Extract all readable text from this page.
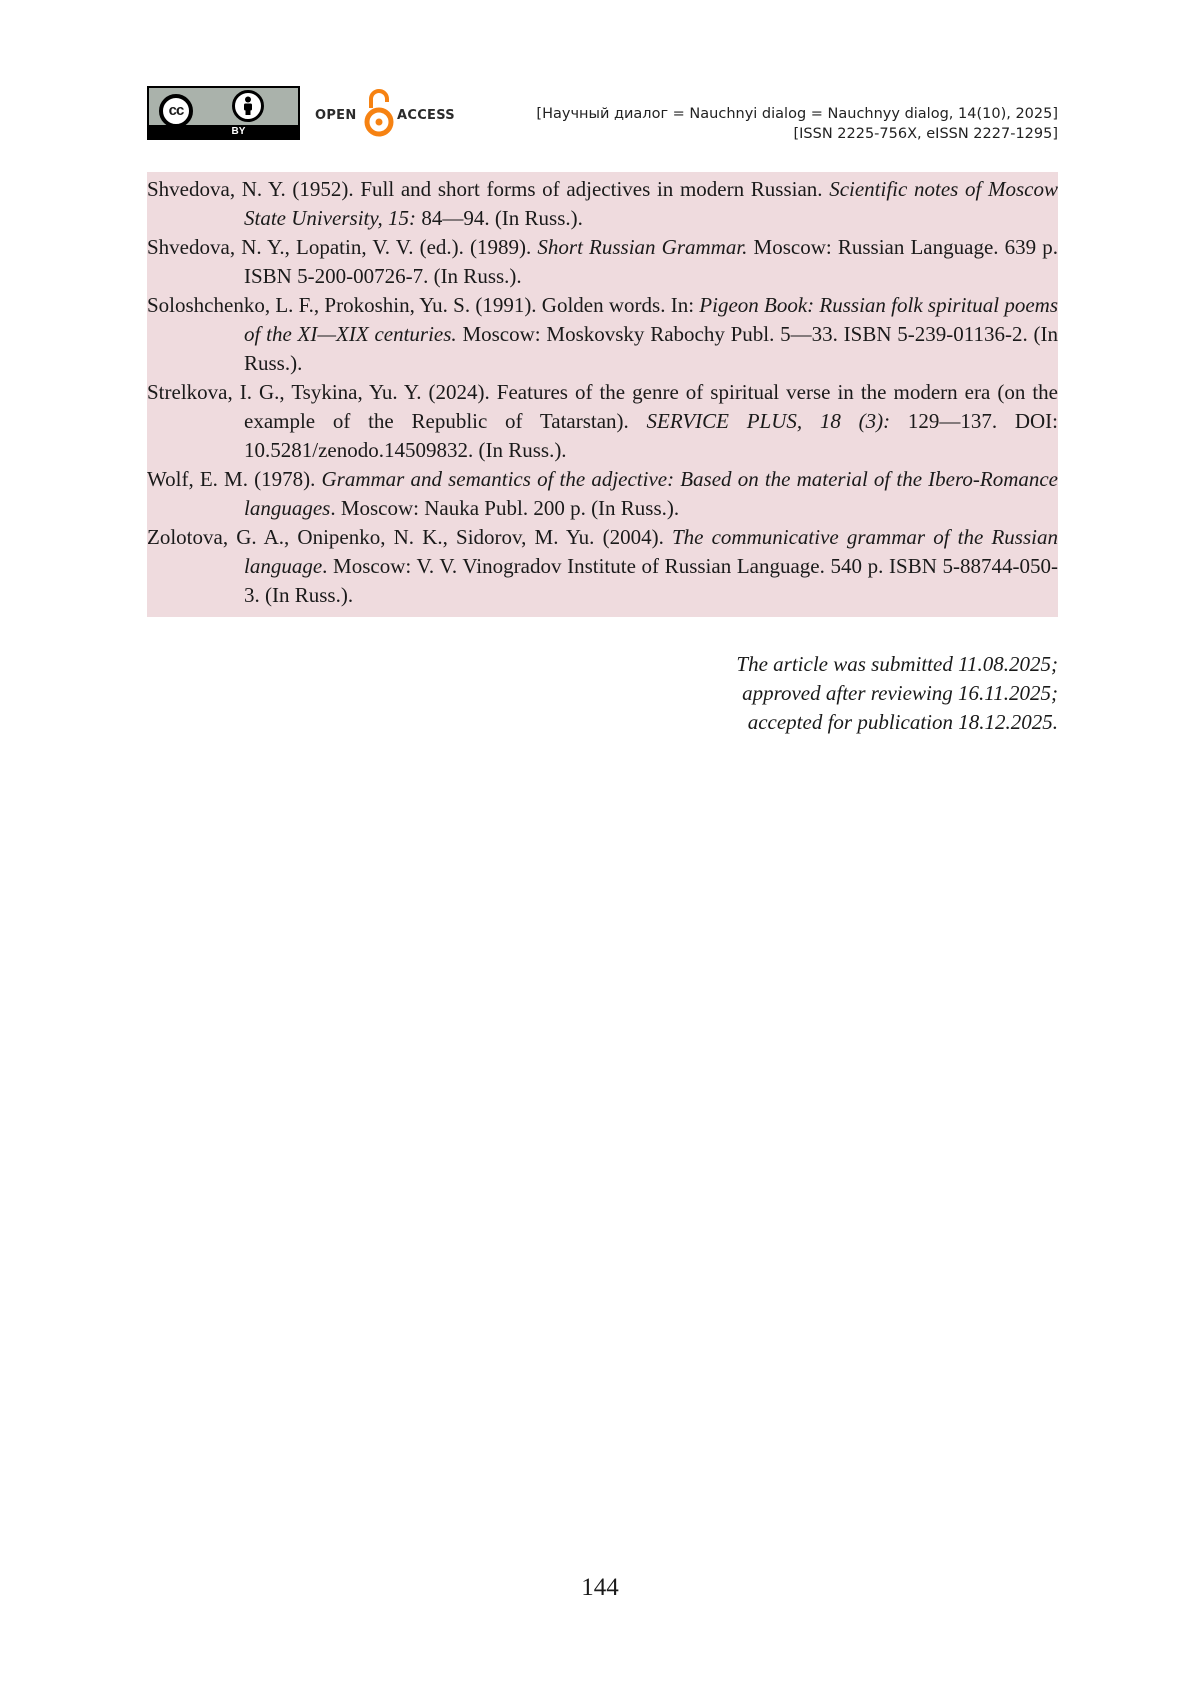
cc
BY
OPEN	ACCESS	[Научный диалог = Nauchnyi dialog = Nauchnyy dialog, 14(10), 2025]
[ISSN 2225-756X, eISSN 2227-1295]

Shvedova, N. Y. (1952). Full and short forms of adjectives in modern Russian. Scientific notes of Moscow State University, 15: 84—94. (In Russ.).

Shvedova, N. Y., Lopatin, V. V. (ed.). (1989). Short Russian Grammar. Moscow: Russian Language. 639 p. ISBN 5-200-00726-7. (In Russ.).

Soloshchenko, L. F., Prokoshin, Yu. S. (1991). Golden words. In: Pigeon Book: Russian folk spiritual poems of the XI—XIX centuries. Moscow: Moskovsky Rabochy Publ. 5—33. ISBN 5-239-01136-2. (In Russ.).

Strelkova, I. G., Tsykina, Yu. Y. (2024). Features of the genre of spiritual verse in the modern era (on the example of the Republic of Tatarstan). SERVICE PLUS, 18 (3): 129—137. DOI: 10.5281/zenodo.14509832. (In Russ.).

Wolf, E. M. (1978). Grammar and semantics of the adjective: Based on the material of the Ibero-Romance languages. Moscow: Nauka Publ. 200 p. (In Russ.).

Zolotova, G. A., Onipenko, N. K., Sidorov, M. Yu. (2004). The communicative grammar of the Russian language. Moscow: V. V. Vinogradov Institute of Russian Language. 540 p. ISBN 5-88744-050-3. (In Russ.).

The article was submitted 11.08.2025;
approved after reviewing 16.11.2025;
accepted for publication 18.12.2025.
144
